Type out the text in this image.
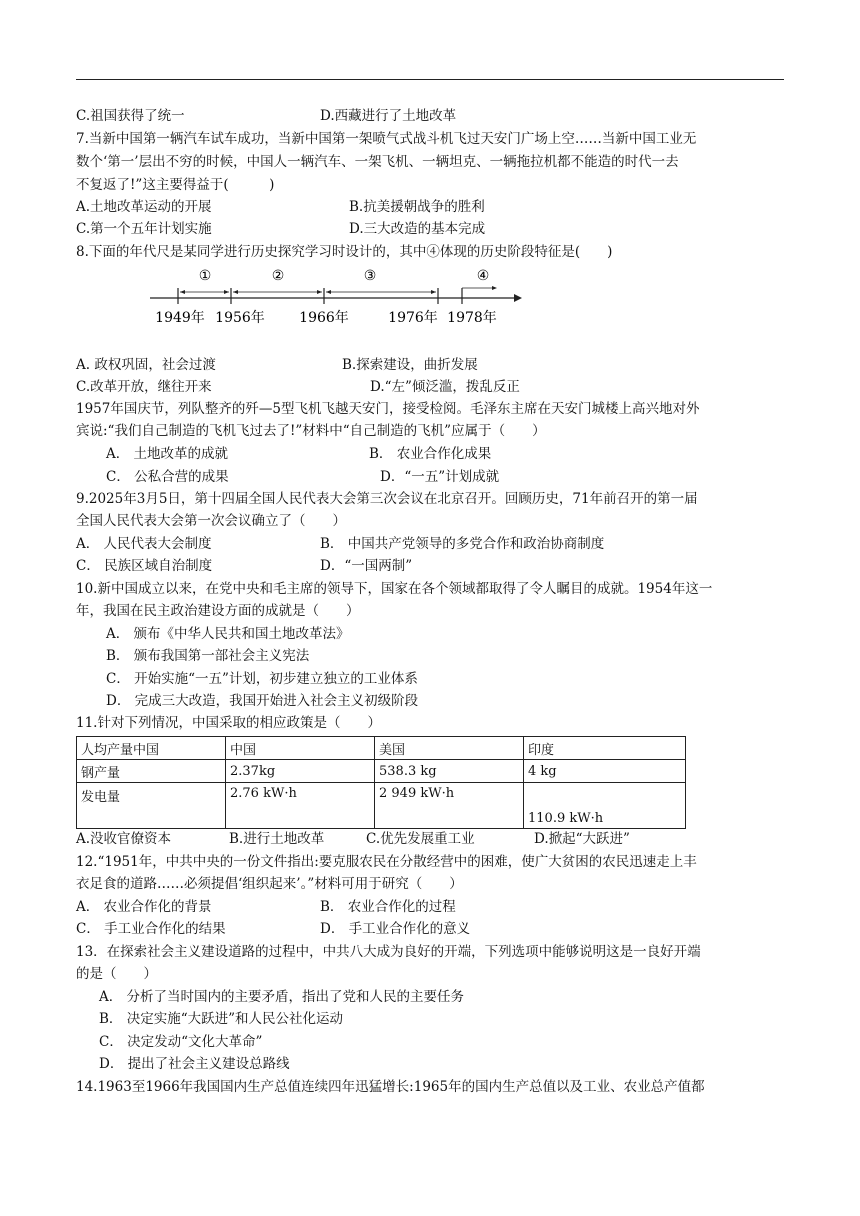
C.祖国获得了统一	D.西藏进行了土地改革
7.当新中国第一辆汽车试车成功，当新中国第一架喷气式战斗机飞过天安门广场上空……当新中国工业无
数个‘第一’层出不穷的时候，中国人一辆汽车、一架飞机、一辆坦克、一辆拖拉机都不能造的时代一去
不复返了!”这主要得益于(　　　)
A.土地改革运动的开展	B.抗美援朝战争的胜利
C.第一个五年计划实施	D.三大改造的基本完成
8.下面的年代尺是某同学进行历史探究学习时设计的，其中④体现的历史阶段特征是(　　)
①	②	③	④
1949年 1956年 1966年	1976年 1978年
A. 政权巩固，社会过渡	B.探索建设，曲折发展
C.改革开放，继往开来	D.“左”倾泛滥，拨乱反正
1957年国庆节，列队整齐的歼—5型飞机飞越天安门，接受检阅。毛泽东主席在天安门城楼上高兴地对外
宾说:“我们自己制造的飞机飞过去了!”材料中“自己制造的飞机”应属于（　　）
A． 土地改革的成就	B． 农业合作化成果
C． 公私合营的成果	D．“一五”计划成就
9.2025年3月5日，第十四届全国人民代表大会第三次会议在北京召开。回顾历史，71年前召开的第一届
全国人民代表大会第一次会议确立了（　　）
A． 人民代表大会制度	B． 中国共产党领导的多党合作和政治协商制度
C． 民族区域自治制度	D．“一国两制”
10.新中国成立以来，在党中央和毛主席的领导下，国家在各个领域都取得了令人瞩目的成就。1954年这一
年，我国在民主政治建设方面的成就是（　　）
A． 颁布《中华人民共和国土地改革法》
B． 颁布我国第一部社会主义宪法
C． 开始实施“一五”计划，初步建立独立的工业体系
D． 完成三大改造，我国开始进入社会主义初级阶段
11.针对下列情况，中国采取的相应政策是（　　）
人均产量中国	中国	美国	印度
钢产量	2.37kg	538.3 kg	4 kg
发电量	2.76 kW·h	2 949 kW·h	110.9 kW·h
A.没收官僚资本	B.进行土地改革	C.优先发展重工业	D.掀起“大跃进”
12.“1951年，中共中央的一份文件指出:要克服农民在分散经营中的困难，使广大贫困的农民迅速走上丰
衣足食的道路……必须提倡‘组织起来’。”材料可用于研究（　　）
A． 农业合作化的背景	B． 农业合作化的过程
C． 手工业合作化的结果	D． 手工业合作化的意义
13．在探索社会主义建设道路的过程中，中共八大成为良好的开端，下列选项中能够说明这是一良好开端
的是（　　）
A． 分析了当时国内的主要矛盾，指出了党和人民的主要任务
B． 决定实施“大跃进”和人民公社化运动
C． 决定发动“文化大革命”
D． 提出了社会主义建设总路线
14.1963至1966年我国国内生产总值连续四年迅猛增长:1965年的国内生产总值以及工业、农业总产值都
